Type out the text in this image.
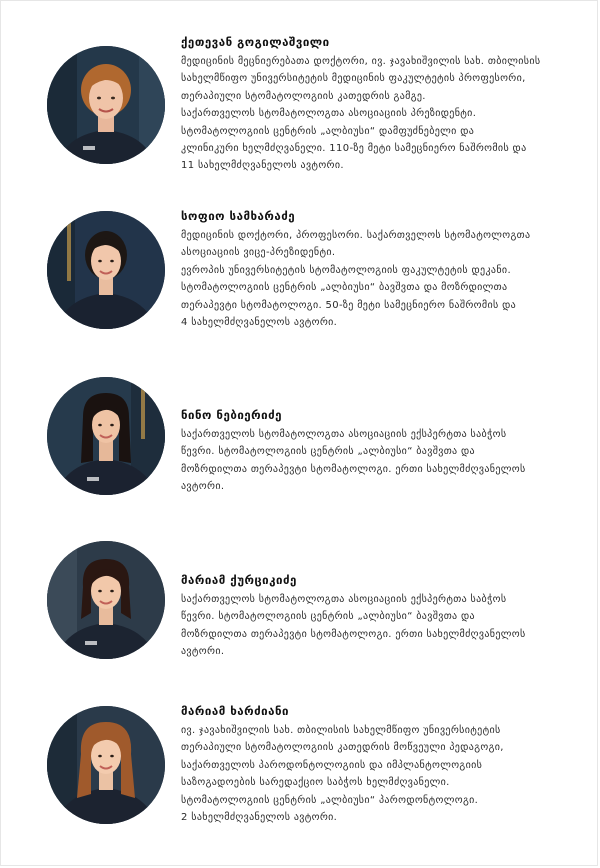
ქეთევან გოგილაშვილი
მედიცინის მეცნიერებათა დოქტორი, ივ. ჯავახიშვილის სახ. თბილისის
სახელმწიფო უნივერსიტეტის მედიცინის ფაკულტეტის პროფესორი,
თერაპიული სტომატოლოგიის კათედრის გამგე.
საქართველოს სტომატოლოგთა ასოციაციის პრეზიდენტი.
სტომატოლოგიის ცენტრის „ალბიუსი“ დამფუძნებელი და
კლინიკური ხელმძღვანელი. 110-ზე მეტი სამეცნიერო ნაშრომის და
11 სახელმძღვანელოს ავტორი.
სოფიო სამხარაძე
მედიცინის დოქტორი, პროფესორი. საქართველოს სტომატოლოგთა
ასოციაციის ვიცე-პრეზიდენტი.
ევროპის უნივერსიტეტის სტომატოლოგიის ფაკულტეტის დეკანი.
სტომატოლოგიის ცენტრის „ალბიუსი“ ბავშვთა და მოზრდილთა
თერაპევტი სტომატოლოგი. 50-ზე მეტი სამეცნიერო ნაშრომის და
4 სახელმძღვანელოს ავტორი.
ნინო ნებიერიძე
საქართველოს სტომატოლოგთა ასოციაციის ექსპერტთა საბჭოს
წევრი. სტომატოლოგიის ცენტრის „ალბიუსი“ ბავშვთა და
მოზრდილთა თერაპევტი სტომატოლოგი. ერთი სახელმძღვანელოს
ავტორი.
მარიამ ქურციკიძე
საქართველოს სტომატოლოგთა ასოციაციის ექსპერტთა საბჭოს
წევრი. სტომატოლოგიის ცენტრის „ალბიუსი“ ბავშვთა და
მოზრდილთა თერაპევტი სტომატოლოგი. ერთი სახელმძღვანელოს
ავტორი.
მარიამ ხარძიანი
ივ. ჯავახიშვილის სახ. თბილისის სახელმწიფო უნივერსიტეტის
თერაპიული სტომატოლოგიის კათედრის მოწვეული პედაგოგი,
საქართველოს პაროდონტოლოგიის და იმპლანტოლოგიის
საზოგადოების სარედაქციო საბჭოს ხელმძღვანელი.
სტომატოლოგიის ცენტრის „ალბიუსი“ პაროდონტოლოგი.
2 სახელმძღვანელოს ავტორი.
